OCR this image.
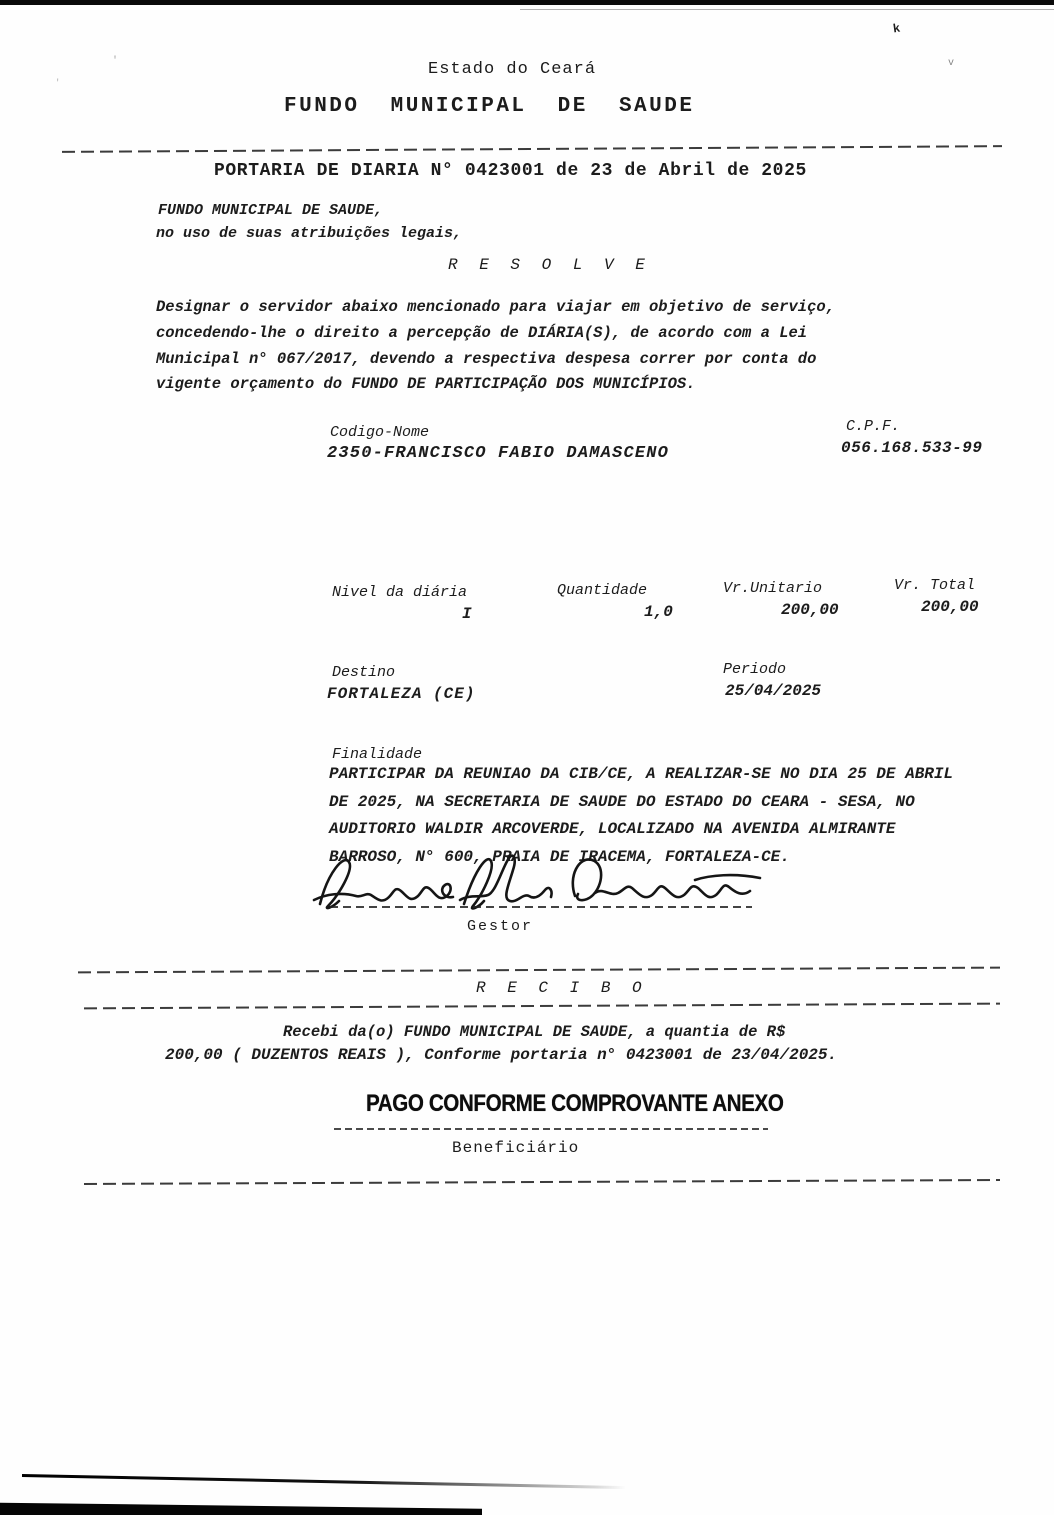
k
v
'
'
Estado do Ceará
FUNDO MUNICIPAL DE SAUDE
PORTARIA DE DIARIA N° 0423001 de 23 de Abril de 2025
FUNDO MUNICIPAL DE SAUDE,
no uso de suas atribuições legais,
R E S O L V E
Designar o servidor abaixo mencionado para viajar em objetivo de serviço,
concedendo-lhe o direito a percepção de DIÁRIA(S), de acordo com a Lei
Municipal n° 067/2017, devendo a respectiva despesa correr por conta do
vigente orçamento do FUNDO DE PARTICIPAÇÃO DOS MUNICÍPIOS.
Codigo-Nome	C.P.F.
2350-FRANCISCO FABIO DAMASCENO	056.168.533-99
Nivel da diária	Quantidade	Vr.Unitario	Vr. Total
I	1,0	200,00	200,00
Destino	Periodo
FORTALEZA (CE)	25/04/2025
Finalidade
PARTICIPAR DA REUNIAO DA CIB/CE, A REALIZAR-SE NO DIA 25 DE ABRIL
DE 2025, NA SECRETARIA DE SAUDE DO ESTADO DO CEARA - SESA, NO
AUDITORIO WALDIR ARCOVERDE, LOCALIZADO NA AVENIDA ALMIRANTE
BARROSO, N° 600, PRAIA DE IRACEMA, FORTALEZA-CE.
Gestor
R E C I B O
Recebi da(o) FUNDO MUNICIPAL DE SAUDE, a quantia de R$
200,00 ( DUZENTOS REAIS ), Conforme portaria n° 0423001 de 23/04/2025.
PAGO CONFORME COMPROVANTE ANEXO
Beneficiário
